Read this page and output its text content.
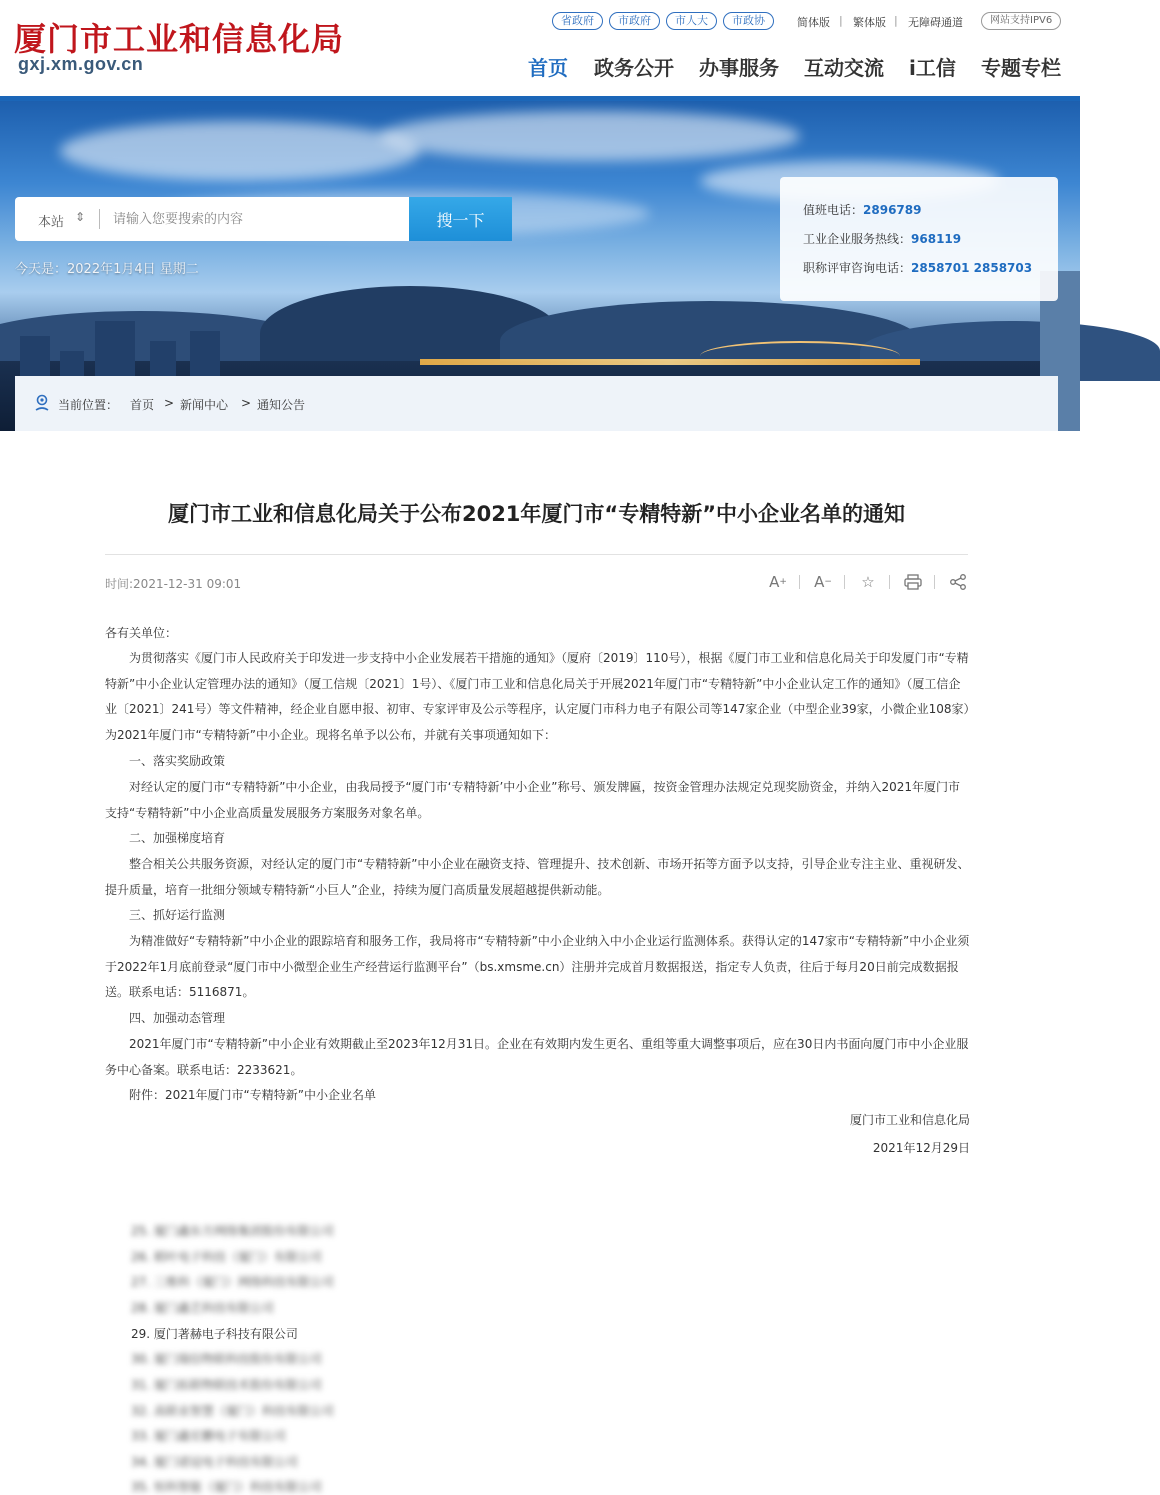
厦门市工业和信息化局
gxj.xm.gov.cn
省政府	市政府	市人大	市政协	简体版 | 繁体版 | 无障碍通道	网站支持IPV6
首页 政务公开 办事服务 互动交流 i工信 专题专栏
本站 ⇕
请输入您要搜索的内容	搜一下
今天是：2022年1月4日 星期二
值班电话：2896789
工业企业服务热线：968119
职称评审咨询电话：2858701 2858703
当前位置： 首页 > 新闻中心 > 通知公告
厦门市工业和信息化局关于公布2021年厦门市“专精特新”中小企业名单的通知
时间:2021-12-31 09:01	A + A −	☆
各有关单位：
为贯彻落实《厦门市人民政府关于印发进一步支持中小企业发展若干措施的通知》（厦府〔2019〕110号），根据《厦门市工业和信息化局关于印发厦门市“专精特新”中小企业认定管理办法的通知》（厦工信规〔2021〕1号）、《厦门市工业和信息化局关于开展2021年厦门市“专精特新”中小企业认定工作的通知》（厦工信企业〔2021〕241号）等文件精神，经企业自愿申报、初审、专家评审及公示等程序，认定厦门市科力电子有限公司等147家企业（中型企业39家，小微企业108家）为2021年厦门市“专精特新”中小企业。现将名单予以公布，并就有关事项通知如下：
一、落实奖励政策
对经认定的厦门市“专精特新”中小企业，由我局授予“厦门市‘专精特新’中小企业”称号、颁发牌匾，按资金管理办法规定兑现奖励资金，并纳入2021年厦门市支持“专精特新”中小企业高质量发展服务方案服务对象名单。
二、加强梯度培育
整合相关公共服务资源，对经认定的厦门市“专精特新”中小企业在融资支持、管理提升、技术创新、市场开拓等方面予以支持，引导企业专注主业、重视研发、提升质量，培育一批细分领域专精特新“小巨人”企业，持续为厦门高质量发展超越提供新动能。
三、抓好运行监测
为精准做好“专精特新”中小企业的跟踪培育和服务工作，我局将市“专精特新”中小企业纳入中小企业运行监测体系。获得认定的147家市“专精特新”中小企业须于2022年1月底前登录“厦门市中小微型企业生产经营运行监测平台”（bs.xmsme.cn）注册并完成首月数据报送，指定专人负责，往后于每月20日前完成数据报送。联系电话：5116871。
四、加强动态管理
2021年厦门市“专精特新”中小企业有效期截止至2023年12月31日。企业在有效期内发生更名、重组等重大调整事项后，应在30日内书面向厦门市中小企业服务中心备案。联系电话：2233621。
附件：2021年厦门市“专精特新”中小企业名单
厦门市工业和信息化局
2021年12月29日
25. 厦门鑫东方网络集团股份有限公司
26. 稻叶电子科技（厦门）有限公司
27. 三维科（厦门）网络科技有限公司
28. 厦门鑫艺科技有限公司
29. 厦门著赫电子科技有限公司
30. 厦门瑞信物联科技股份有限公司
31. 厦门拓联物联技术股份有限公司
32. 高联业智慧（厦门）科技有限公司
33. 厦门鑫宏鹏电子有限公司
34. 厦门诺冠电子科技有限公司
35. 恒科智能（厦门）科技有限公司
